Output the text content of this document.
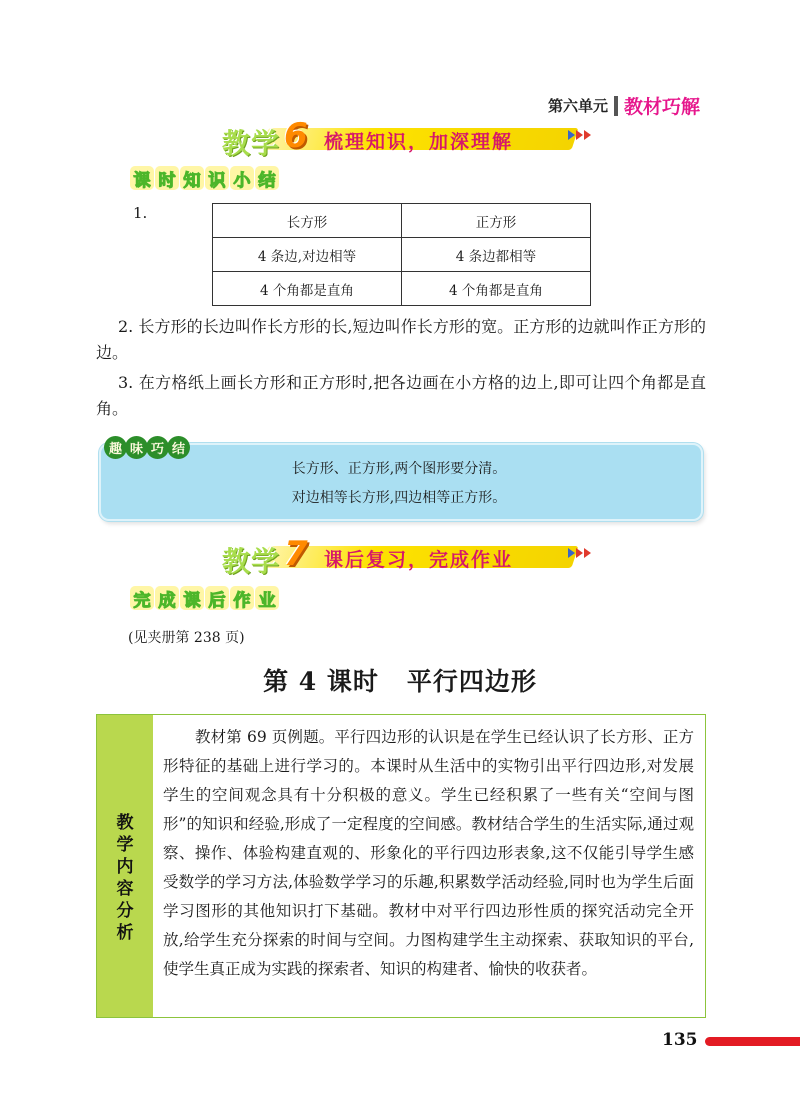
第六单元 教材巧解
教学 6 梳理知识，加深理解
课 时 知 识 小 结
1.
长方形	正方形
4 条边,对边相等	4 条边都相等
4 个角都是直角	4 个角都是直角

2. 长方形的长边叫作长方形的长,短边叫作长方形的宽。正方形的边就叫作正方形的边。

3. 在方格纸上画长方形和正方形时,把各边画在小方格的边上,即可让四个角都是直角。

趣 味 巧 结
长方形、正方形,两个图形要分清。
对边相等长方形,四边相等正方形。
教学 7 课后复习，完成作业
完 成 课 后 作 业
(见夹册第 238 页)
第 4 课时 平行四边形
教
学
内
容
分
析

教材第 69 页例题。平行四边形的认识是在学生已经认识了长方形、正方形特征的基础上进行学习的。本课时从生活中的实物引出平行四边形,对发展学生的空间观念具有十分积极的意义。学生已经积累了一些有关“空间与图形”的知识和经验,形成了一定程度的空间感。教材结合学生的生活实际,通过观察、操作、体验构建直观的、形象化的平行四边形表象,这不仅能引导学生感受数学的学习方法,体验数学学习的乐趣,积累数学活动经验,同时也为学生后面学习图形的其他知识打下基础。教材中对平行四边形性质的探究活动完全开放,给学生充分探索的时间与空间。力图构建学生主动探索、获取知识的平台,使学生真正成为实践的探索者、知识的构建者、愉快的收获者。

135
